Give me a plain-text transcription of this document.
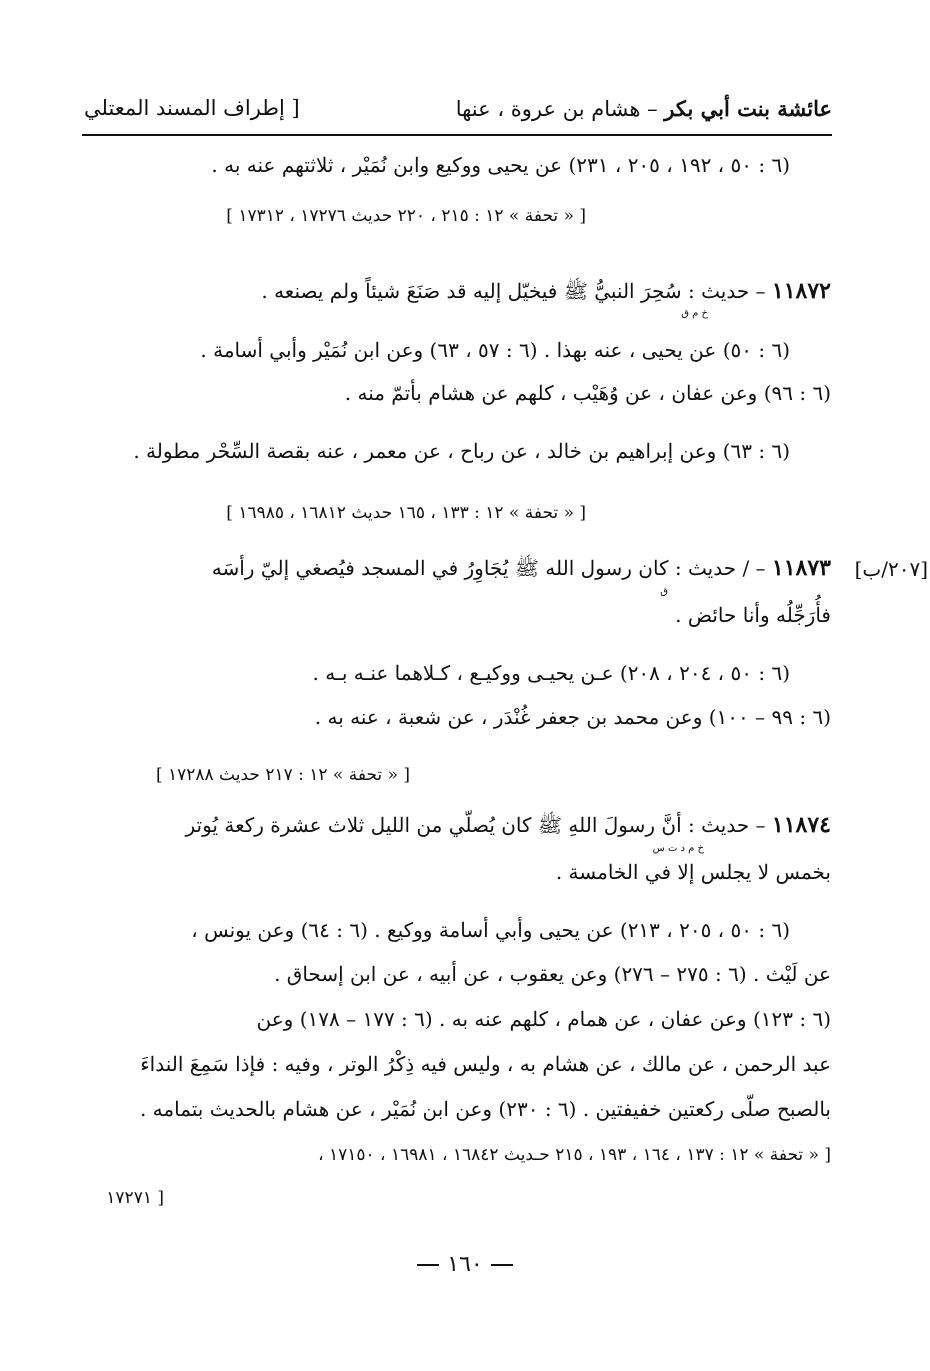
عائشة بنت أبي بكر – هشام بن عروة ، عنها
[ إطراف المسند المعتلي
(٦ : ٥٠ ، ١٩٢ ، ٢٠٥ ، ٢٣١) عن يحيى ووكيع وابن نُمَيْر ، ثلاثتهم عنه به .
[ « تحفة » ١٢ : ٢١٥ ، ٢٢٠ حديث ١٧٢٧٦ ، ١٧٣١٢ ]
١١٨٧٢ – حديث : سُحِرَ النبيُّ ﷺ فيخيّل إليه قد صَنَعَ شيئاً ولم يصنعه .
خ م ق
(٦ : ٥٠) عن يحيى ، عنه بهذا . (٦ : ٥٧ ، ٦٣) وعن ابن نُمَيْر وأبي أسامة .
(٦ : ٩٦) وعن عفان ، عن وُهَيْب ، كلهم عن هشام بأتمّ منه .
(٦ : ٦٣) وعن إبراهيم بن خالد ، عن رباح ، عن معمر ، عنه بقصة السِّحْر مطولة .
[ « تحفة » ١٢ : ١٣٣ ، ١٦٥ حديث ١٦٨١٢ ، ١٦٩٨٥ ]
[٢٠٧/ب]
١١٨٧٣ – / حديث : كان رسول الله ﷺ يُجَاوِرُ في المسجد فيُصغي إليّ رأسَه
ق
فأُرَجِّلُه وأنا حائض .
(٦ : ٥٠ ، ٢٠٤ ، ٢٠٨) عـن يحيـى ووكيـع ، كـلاهما عنـه بـه .
(٦ : ٩٩ – ١٠٠) وعن محمد بن جعفر غُنْدَر ، عن شعبة ، عنه به .
[ « تحفة » ١٢ : ٢١٧ حديث ١٧٢٨٨ ]
١١٨٧٤ – حديث : أنَّ رسولَ اللهِ ﷺ كان يُصلّي من الليل ثلاث عشرة ركعة يُوتر
خ م د ت س
بخمس لا يجلس إلا في الخامسة .
(٦ : ٥٠ ، ٢٠٥ ، ٢١٣) عن يحيى وأبي أسامة ووكيع . (٦ : ٦٤) وعن يونس ،
عن لَيْث . (٦ : ٢٧٥ – ٢٧٦) وعن يعقوب ، عن أبيه ، عن ابن إسحاق .
(٦ : ١٢٣) وعن عفان ، عن همام ، كلهم عنه به . (٦ : ١٧٧ – ١٧٨) وعن
عبد الرحمن ، عن مالك ، عن هشام به ، وليس فيه ذِكْرُ الوتر ، وفيه : فإذا سَمِعَ النداءَ
بالصبح صلّى ركعتين خفيفتين . (٦ : ٢٣٠) وعن ابن نُمَيْر ، عن هشام بالحديث بتمامه .
[ « تحفة » ١٢ : ١٣٧ ، ١٦٤ ، ١٩٣ ، ٢١٥ حـديث ١٦٨٤٢ ، ١٦٩٨١ ، ١٧١٥٠ ،
١٧٢٧١ ]
١٦٠
